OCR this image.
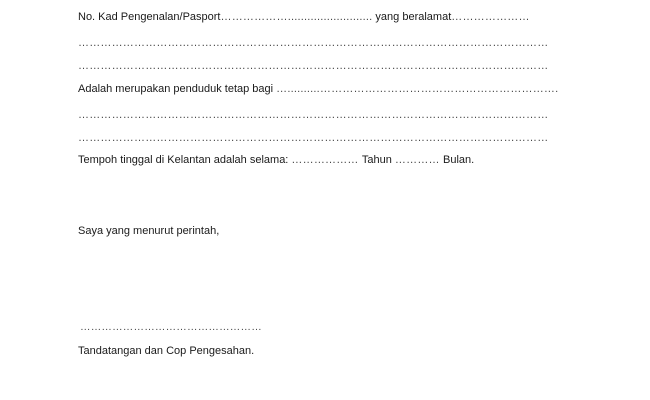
No. Kad Pengenalan/Pasport……………….......................... yang beralamat…………………
………………………………………………………………………………………………………………
………………………………………………………………………………………………………………
Adalah merupakan penduduk tetap bagi …..........……………………………………………………….
………………………………………………………………………………………………………………
………………………………………………………………………………………………………………
Tempoh tinggal di Kelantan adalah selama: ……………… Tahun ………… Bulan.
Saya yang menurut perintah,
……………………………………………
Tandatangan dan Cop Pengesahan.
